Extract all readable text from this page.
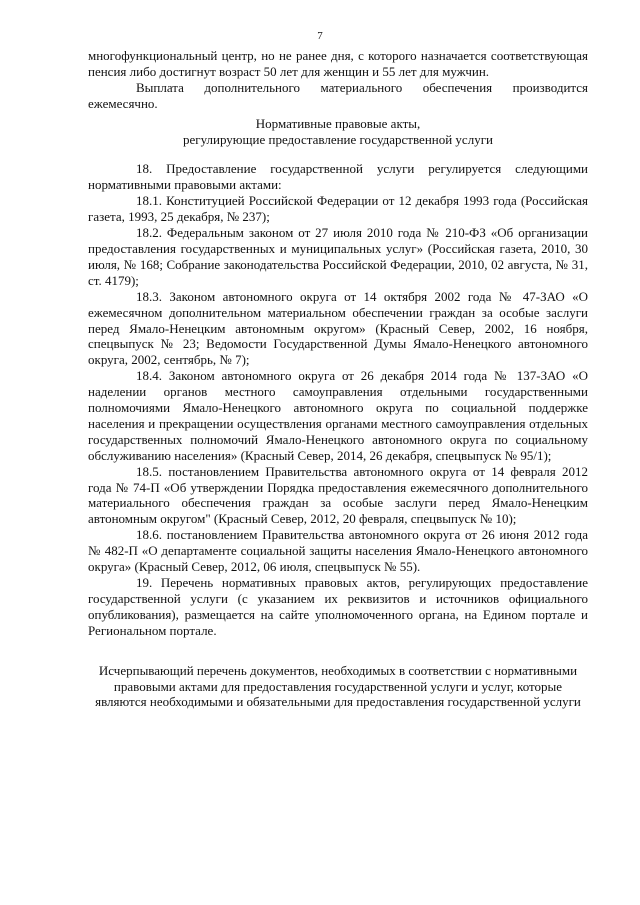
7

многофункциональный центр, но не ранее дня, с которого назначается соответствующая пенсия либо достигнут возраст 50 лет для женщин и 55 лет для мужчин.

Выплата дополнительного материального обеспечения производится ежемесячно.

Нормативные правовые акты,

регулирующие предоставление государственной услуги

18. Предоставление государственной услуги регулируется следующими нормативными правовыми актами:

18.1. Конституцией Российской Федерации от 12 декабря 1993 года (Российская газета, 1993, 25 декабря, № 237);

18.2. Федеральным законом от 27 июля 2010 года № 210-ФЗ «Об организации предоставления государственных и муниципальных услуг» (Российская газета, 2010, 30 июля, № 168; Собрание законодательства Российской Федерации, 2010, 02 августа, № 31, ст. 4179);

18.3. Законом автономного округа от 14 октября 2002 года № 47-ЗАО «О ежемесячном дополнительном материальном обеспечении граждан за особые заслуги перед Ямало-Ненецким автономным округом» (Красный Север, 2002, 16 ноября, спецвыпуск № 23; Ведомости Государственной Думы Ямало-Ненецкого автономного округа, 2002, сентябрь, № 7);

18.4. Законом автономного округа от 26 декабря 2014 года № 137-ЗАО «О наделении органов местного самоуправления отдельными государственными полномочиями Ямало-Ненецкого автономного округа по социальной поддержке населения и прекращении осуществления органами местного самоуправления отдельных государственных полномочий Ямало-Ненецкого автономного округа по социальному обслуживанию населения» (Красный Север, 2014, 26 декабря, спецвыпуск № 95/1);

18.5. постановлением Правительства автономного округа от 14 февраля 2012 года № 74-П «Об утверждении Порядка предоставления ежемесячного дополнительного материального обеспечения граждан за особые заслуги перед Ямало-Ненецким автономным округом" (Красный Север, 2012, 20 февраля, спецвыпуск № 10);

18.6. постановлением Правительства автономного округа от 26 июня 2012 года № 482-П «О департаменте социальной защиты населения Ямало-Ненецкого автономного округа» (Красный Север, 2012, 06 июля, спецвыпуск № 55).

19. Перечень нормативных правовых актов, регулирующих предоставление государственной услуги (с указанием их реквизитов и источников официального опубликования), размещается на сайте уполномоченного органа, на Едином портале и Региональном портале.

Исчерпывающий перечень документов, необходимых в соответствии с нормативными правовыми актами для предоставления государственной услуги и услуг, которые являются необходимыми и обязательными для предоставления государственной услуги
